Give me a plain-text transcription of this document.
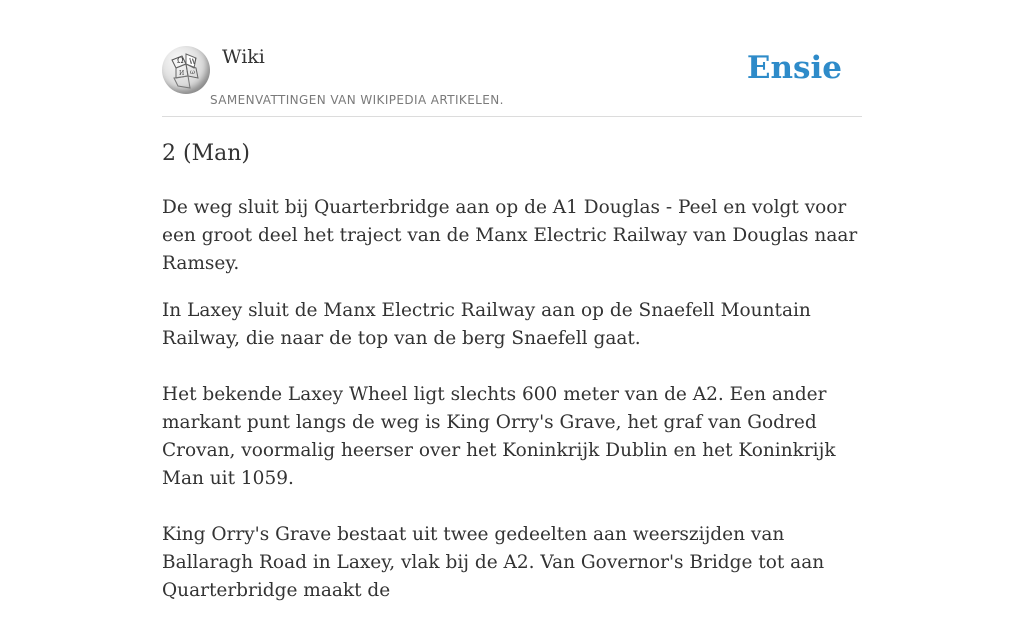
Ω W
И ω
Wiki
SAMENVATTINGEN VAN WIKIPEDIA ARTIKELEN.
Ensie
2 (Man)

De weg sluit bij Quarterbridge aan op de A1 Douglas - Peel en volgt voor een groot deel het traject van de Manx Electric Railway van Douglas naar Ramsey.

In Laxey sluit de Manx Electric Railway aan op de Snaefell Mountain Railway, die naar de top van de berg Snaefell gaat.

Het bekende Laxey Wheel ligt slechts 600 meter van de A2. Een ander markant punt langs de weg is King Orry's Grave, het graf van Godred Crovan, voormalig heerser over het Koninkrijk Dublin en het Koninkrijk Man uit 1059.

King Orry's Grave bestaat uit twee gedeelten aan weerszijden van Ballaragh Road in Laxey, vlak bij de A2. Van Governor's Bridge tot aan Quarterbridge maakt de
